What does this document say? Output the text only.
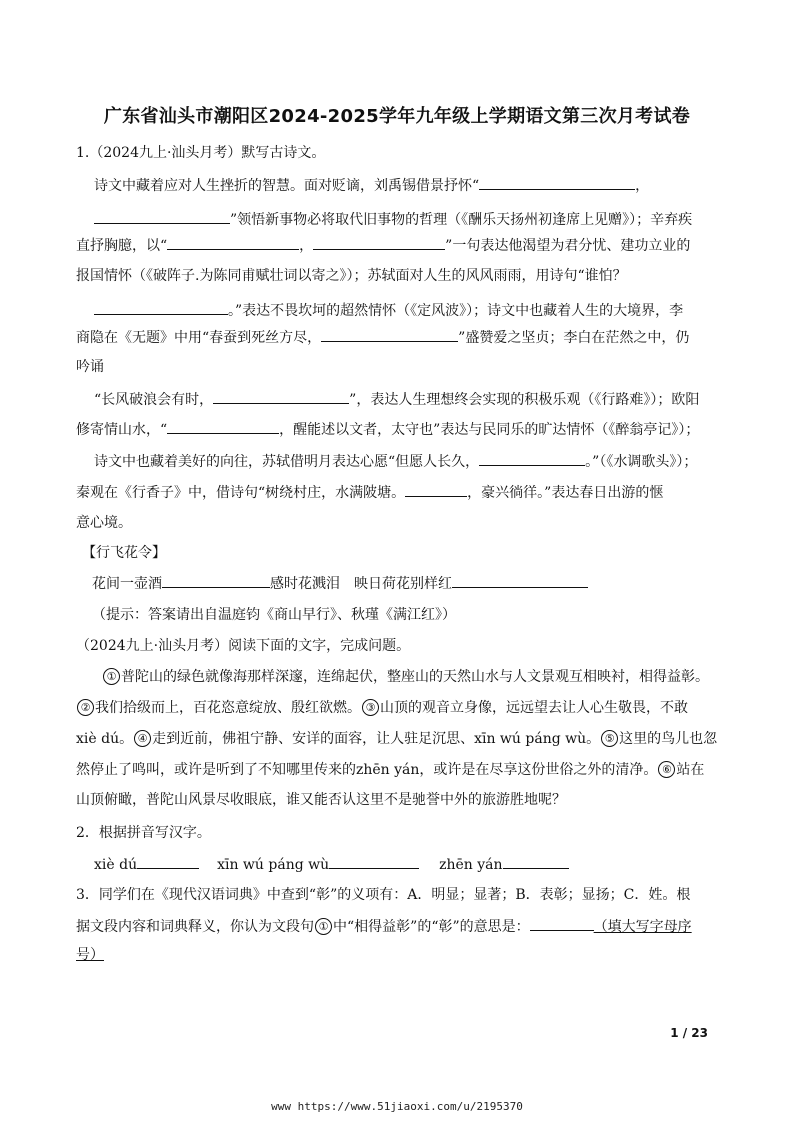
广东省汕头市潮阳区2024-2025学年九年级上学期语文第三次月考试卷
1.（2024九上·汕头月考）默写古诗文。
诗文中藏着应对人生挫折的智慧。面对贬谪，刘禹锡借景抒怀“	，
”领悟新事物必将取代旧事物的哲理（《酬乐天扬州初逢席上见赠》）；辛弃疾
直抒胸臆，以“	，	”一句表达他渴望为君分忧、建功立业的
报国情怀（《破阵子.为陈同甫赋壮词以寄之》）；苏轼面对人生的风风雨雨，用诗句“谁怕？
。”表达不畏坎坷的超然情怀（《定风波》）；诗文中也藏着人生的大境界，李
商隐在《无题》中用“春蚕到死丝方尽，	”盛赞爱之坚贞；李白在茫然之中，仍
吟诵
“长风破浪会有时，	”，表达人生理想终会实现的积极乐观（《行路难》）；欧阳
修寄情山水，“	，醒能述以文者，太守也”表达与民同乐的旷达情怀（《醉翁亭记》）；
诗文中也藏着美好的向往，苏轼借明月表达心愿“但愿人长久，	。”（《水调歌头》）；
秦观在《行香子》中，借诗句“树绕村庄，水满陂塘。	，豪兴徜徉。”表达春日出游的惬
意心境。
【行飞花令】
花间一壶酒	感时花溅泪　映日荷花别样红
（提示：答案请出自温庭钧《商山早行》、秋瑾《满江红》）
（2024九上·汕头月考）阅读下面的文字，完成问题。
① 普陀山的绿色就像海那样深邃，连绵起伏，整座山的天然山水与人文景观互相映衬，相得益彰。
② 我们拾级而上，百花恣意绽放、殷红欲燃。 ③ 山顶的观音立身像，远远望去让人心生敬畏，不敢
xiè dú。 ④ 走到近前，佛祖宁静、安详的面容，让人驻足沉思、xīn wú páng wù。 ⑤ 这里的鸟儿也忽
然停止了鸣叫，或许是听到了不知哪里传来的zhēn yán，或许是在尽享这份世俗之外的清净。 ⑥ 站在
山顶俯瞰，普陀山风景尽收眼底，谁又能否认这里不是驰誉中外的旅游胜地呢？
2．根据拼音写汉字。
xiè dú	xīn wú páng wù	zhēn yán
3．同学们在《现代汉语词典》中查到“彰”的义项有：A．明显；显著；B．表彰；显扬；C．姓。根
据文段内容和词典释义，你认为文段句 ① 中“相得益彰”的“彰”的意思是：	（填大写字母序
号）
1 / 23
www https://www.51jiaoxi.com/u/2195370
